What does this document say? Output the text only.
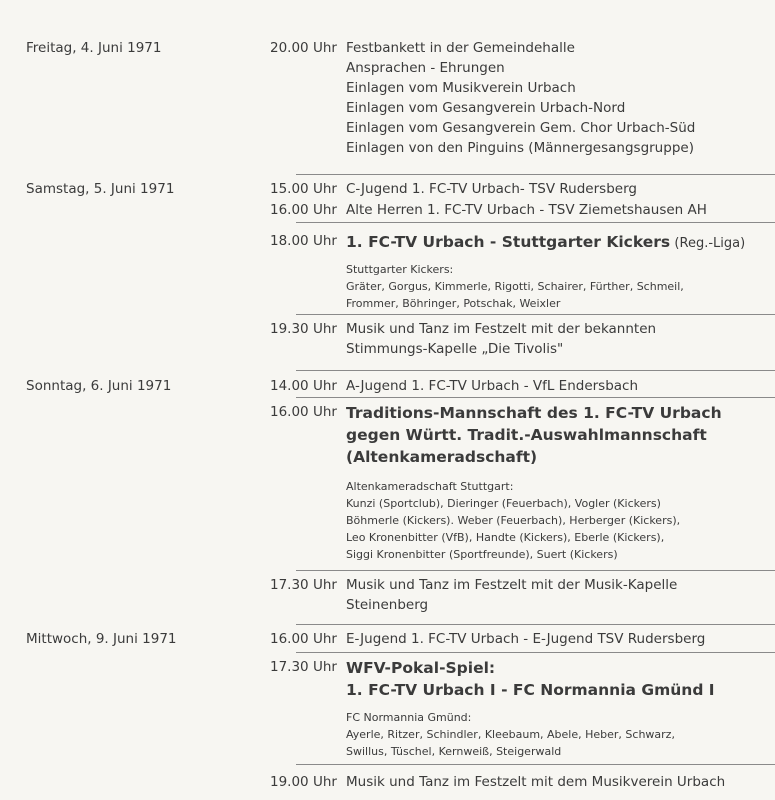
Freitag, 4. Juni 1971	20.00 Uhr Festbankett in der Gemeindehalle
Ansprachen - Ehrungen
Einlagen vom Musikverein Urbach
Einlagen vom Gesangverein Urbach-Nord
Einlagen vom Gesangverein Gem. Chor Urbach-Süd
Einlagen von den Pinguins (Männergesangsgruppe)
Samstag, 5. Juni 1971	15.00 Uhr C-Jugend 1. FC-TV Urbach- TSV Rudersberg
16.00 Uhr Alte Herren 1. FC-TV Urbach - TSV Ziemetshausen AH
18.00 Uhr 1. FC-TV Urbach - Stuttgarter Kickers (Reg.-Liga)
Stuttgarter Kickers:
Gräter, Gorgus, Kimmerle, Rigotti, Schairer, Fürther, Schmeil,
Frommer, Böhringer, Potschak, Weixler
19.30 Uhr Musik und Tanz im Festzelt mit der bekannten
Stimmungs-Kapelle „Die Tivolis"
Sonntag, 6. Juni 1971	14.00 Uhr A-Jugend 1. FC-TV Urbach - VfL Endersbach
16.00 Uhr Traditions-Mannschaft des 1. FC-TV Urbach
gegen Württ. Tradit.-Auswahlmannschaft
(Altenkameradschaft)
Altenkameradschaft Stuttgart:
Kunzi (Sportclub), Dieringer (Feuerbach), Vogler (Kickers)
Böhmerle (Kickers). Weber (Feuerbach), Herberger (Kickers),
Leo Kronenbitter (VfB), Handte (Kickers), Eberle (Kickers),
Siggi Kronenbitter (Sportfreunde), Suert (Kickers)
17.30 Uhr Musik und Tanz im Festzelt mit der Musik-Kapelle
Steinenberg
Mittwoch, 9. Juni 1971	16.00 Uhr E-Jugend 1. FC-TV Urbach - E-Jugend TSV Rudersberg
17.30 Uhr WFV-Pokal-Spiel:
1. FC-TV Urbach I - FC Normannia Gmünd I
FC Normannia Gmünd:
Ayerle, Ritzer, Schindler, Kleebaum, Abele, Heber, Schwarz,
Swillus, Tüschel, Kernweiß, Steigerwald
19.00 Uhr Musik und Tanz im Festzelt mit dem Musikverein Urbach
